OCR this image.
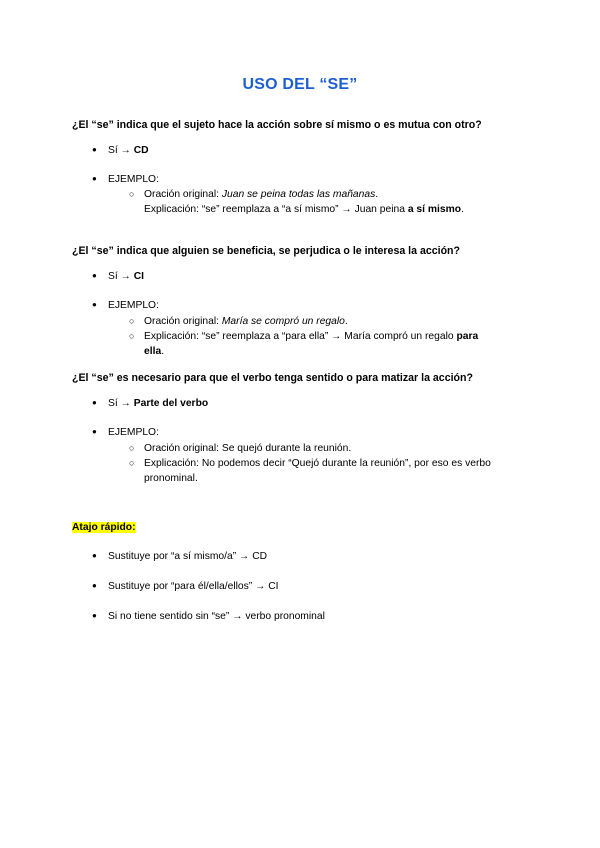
USO DEL “SE”
¿El “se” indica que el sujeto hace la acción sobre sí mismo o es mutua con otro?
● Sí → CD
● EJEMPLO:
○ Oración original: Juan se peina todas las mañanas.
Explicación: “se” reemplaza a “a sí mismo” → Juan peina a sí mismo.
¿El “se” indica que alguien se beneficia, se perjudica o le interesa la acción?
● Sí → CI
● EJEMPLO:
○ Oración original: María se compró un regalo.
○ Explicación: “se” reemplaza a “para ella” → María compró un regalo para ella.
¿El “se” es necesario para que el verbo tenga sentido o para matizar la acción?
● Sí → Parte del verbo
● EJEMPLO:
○ Oración original: Se quejó durante la reunión.
○ Explicación: No podemos decir “Quejó durante la reunión”, por eso es verbo pronominal.
Atajo rápido:
● Sustituye por “a sí mismo/a” → CD
● Sustituye por “para él/ella/ellos” → CI
● Si no tiene sentido sin “se” → verbo pronominal
